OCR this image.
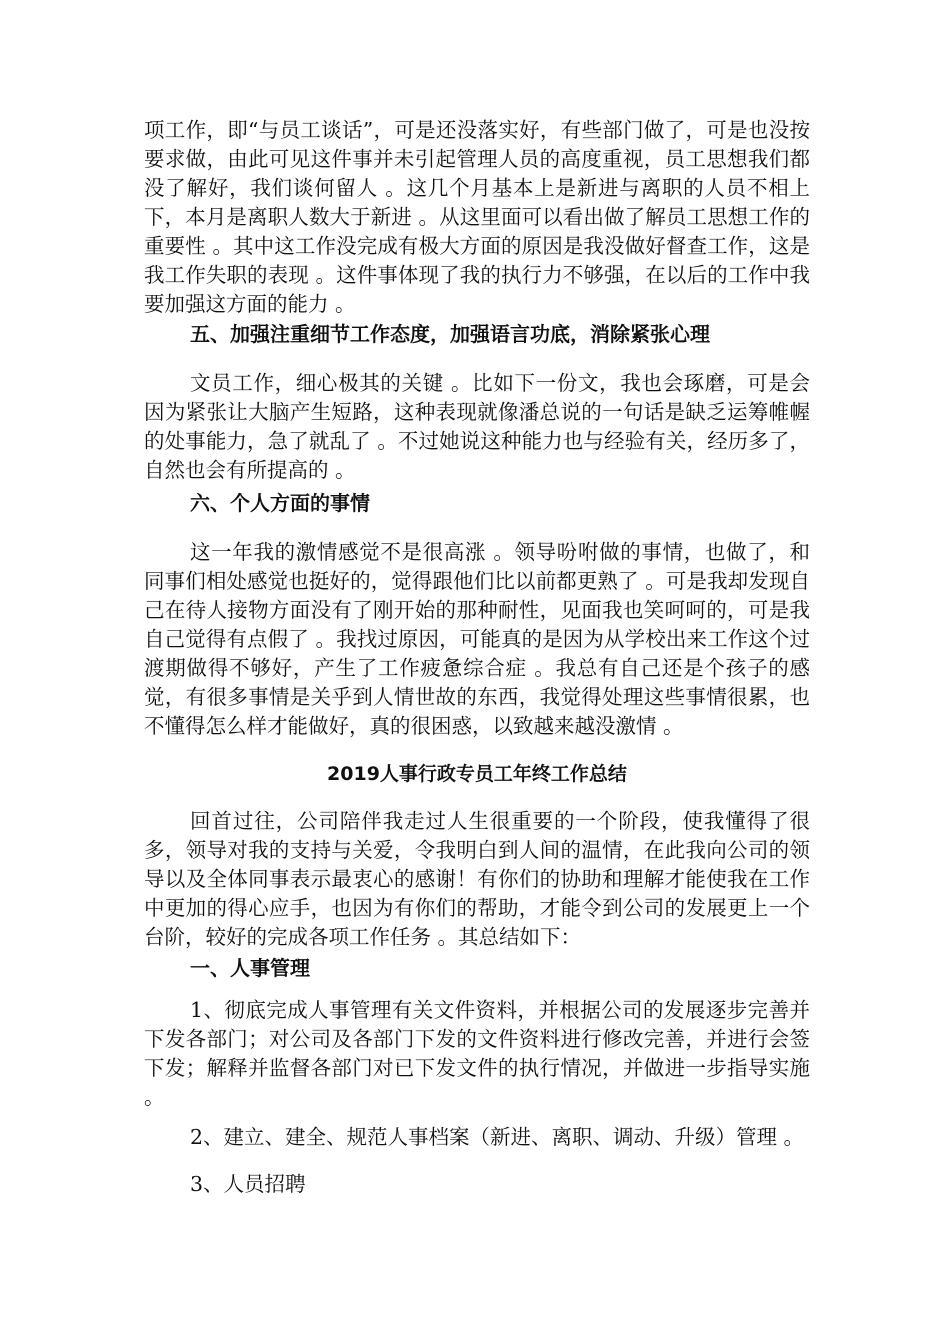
项工作，即“与员工谈话”，可是还没落实好，有些部门做了，可是也没按要求做，由此可见这件事并未引起管理人员的高度重视，员工思想我们都没了解好，我们谈何留人 。这几个月基本上是新进与离职的人员不相上下，本月是离职人数大于新进 。从这里面可以看出做了解员工思想工作的重要性 。其中这工作没完成有极大方面的原因是我没做好督查工作，这是我工作失职的表现 。这件事体现了我的执行力不够强，在以后的工作中我要加强这方面的能力 。

五、加强注重细节工作态度，加强语言功底，消除紧张心理

文员工作，细心极其的关键 。比如下一份文，我也会琢磨，可是会因为紧张让大脑产生短路，这种表现就像潘总说的一句话是缺乏运筹帷幄的处事能力，急了就乱了 。不过她说这种能力也与经验有关，经历多了，自然也会有所提高的 。

六、个人方面的事情

这一年我的激情感觉不是很高涨 。领导吩咐做的事情，也做了，和同事们相处感觉也挺好的，觉得跟他们比以前都更熟了 。可是我却发现自己在待人接物方面没有了刚开始的那种耐性，见面我也笑呵呵的，可是我自己觉得有点假了 。我找过原因，可能真的是因为从学校出来工作这个过渡期做得不够好，产生了工作疲惫综合症 。我总有自己还是个孩子的感觉，有很多事情是关乎到人情世故的东西，我觉得处理这些事情很累，也不懂得怎么样才能做好，真的很困惑，以致越来越没激情 。

2019人事行政专员工年终工作总结

回首过往，公司陪伴我走过人生很重要的一个阶段，使我懂得了很多，领导对我的支持与关爱，令我明白到人间的温情，在此我向公司的领导以及全体同事表示最衷心的感谢！有你们的协助和理解才能使我在工作中更加的得心应手，也因为有你们的帮助，才能令到公司的发展更上一个台阶，较好的完成各项工作任务 。其总结如下：

一、人事管理

1、彻底完成人事管理有关文件资料，并根据公司的发展逐步完善并下发各部门；对公司及各部门下发的文件资料进行修改完善，并进行会签下发；解释并监督各部门对已下发文件的执行情况，并做进一步指导实施 。

2、建立、建全、规范人事档案（新进、离职、调动、升级）管理 。

3、人员招聘
